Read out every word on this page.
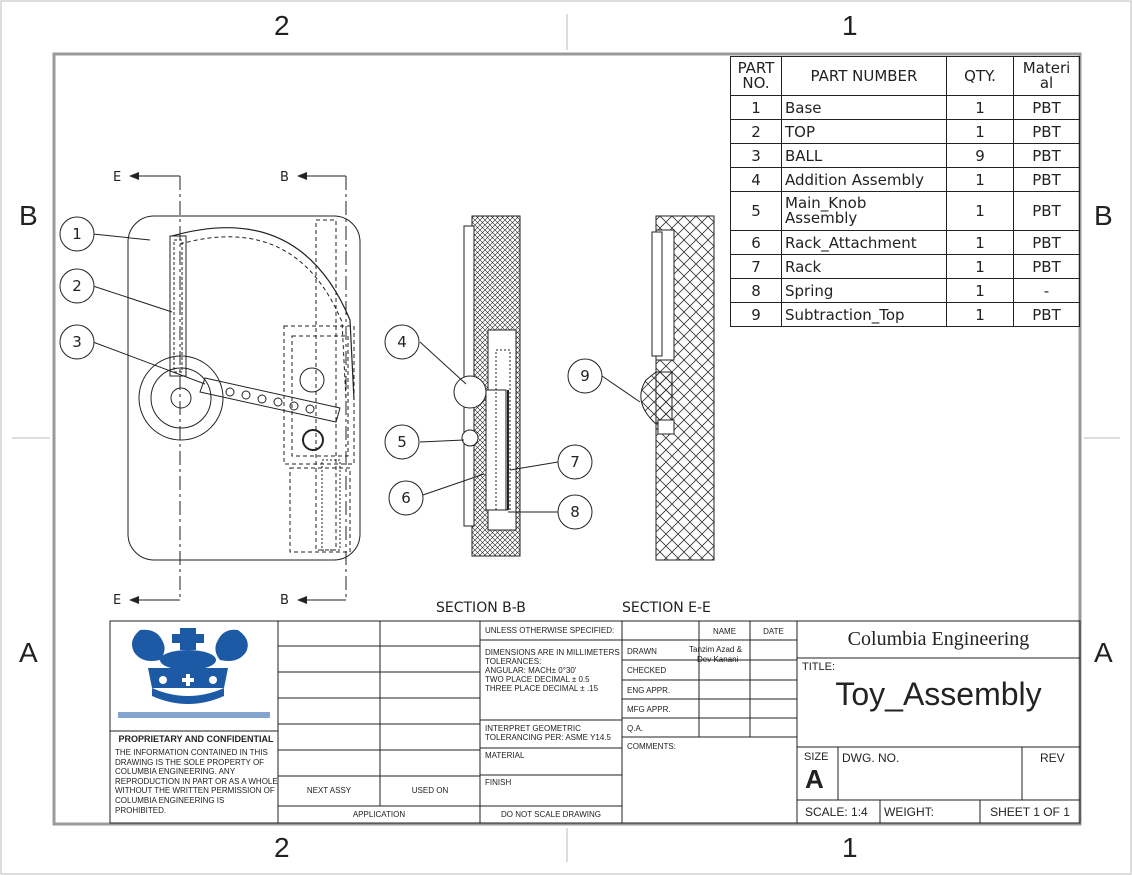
2	1
2	1
B
A
B
A
1
2
3	4
5
6
7
8
9
E	B
E	B	SECTION B-B	SECTION E-E
PART
NO.	PART NUMBER	QTY.	Materi
al
1	Base	1	PBT
2	TOP	1	PBT
3	BALL	9	PBT
4	Addition Assembly	1	PBT
5	Main_Knob Assembly	1	PBT
6	Rack_Attachment	1	PBT
7	Rack	1	PBT
8	Spring	1	-
9	Subtraction_Top	1	PBT
PROPRIETARY AND CONFIDENTIAL
THE INFORMATION CONTAINED IN THIS
DRAWING IS THE SOLE PROPERTY OF
COLUMBIA ENGINEERING. ANY
REPRODUCTION IN PART OR AS A WHOLE
WITHOUT THE WRITTEN PERMISSION OF
COLUMBIA ENGINEERING IS
PROHIBITED.
NEXT ASSY	USED ON
APPLICATION
UNLESS OTHERWISE SPECIFIED:
DIMENSIONS ARE IN MILLIMETERS
TOLERANCES:
ANGULAR: MACH± 0°30'
TWO PLACE DECIMAL ± 0.5
THREE PLACE DECIMAL ± .15
INTERPRET GEOMETRIC
TOLERANCING PER: ASME Y14.5
MATERIAL
FINISH
DO NOT SCALE DRAWING
NAME	DATE
DRAWN	Tanzim Azad &
Dev Kanani
CHECKED
ENG APPR.
MFG APPR.
Q.A.
COMMENTS:
Columbia Engineering
TITLE:
Toy_Assembly
SIZE
A
DWG. NO.	REV
SCALE: 1:4 WEIGHT:	SHEET 1 OF 1
